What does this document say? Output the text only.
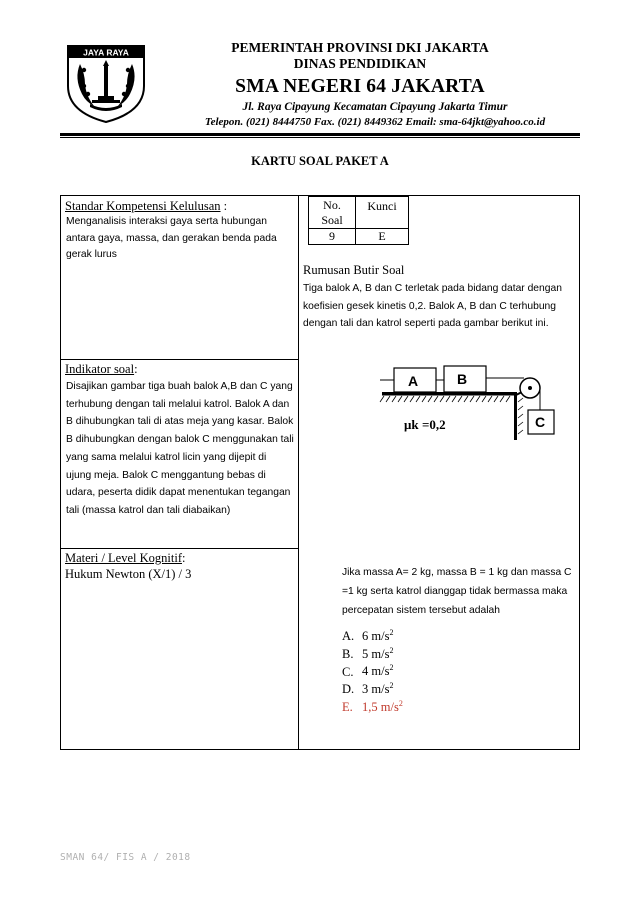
JAYA RAYA	PEMERINTAH PROVINSI DKI JAKARTA
DINAS PENDIDIKAN
SMA NEGERI 64 JAKARTA
Jl. Raya Cipayung Kecamatan Cipayung Jakarta Timur
Telepon. (021) 8444750 Fax. (021) 8449362 Email: sma-64jkt@yahoo.co.id
KARTU SOAL PAKET A
Standar Kompetensi Kelulusan :
Menganalisis interaksi gaya serta hubungan antara gaya, massa, dan gerakan benda pada gerak lurus
Indikator soal:
Disajikan gambar tiga buah balok A,B dan C yang terhubung dengan tali melalui katrol. Balok A dan B dihubungkan tali di atas meja yang kasar. Balok B dihubungkan dengan balok C menggunakan tali yang sama melalui katrol licin yang dijepit di ujung meja. Balok C menggantung bebas di udara, peserta didik dapat menentukan tegangan tali (massa katrol dan tali diabaikan)
Materi / Level Kognitif:
Hukum Newton (X/1) / 3
No.
Soal	Kunci
9	E
Rumusan Butir Soal
Tiga balok A, B dan C terletak pada bidang datar dengan koefisien gesek kinetis 0,2. Balok A, B dan C terhubung dengan tali dan katrol seperti pada gambar berikut ini.
A	B
C
μk =0,2
Jika massa A= 2 kg, massa B = 1 kg dan massa C =1 kg serta katrol dianggap tidak bermassa maka percepatan sistem tersebut adalah
A. 6 $m/s^2$
B. 5 $m/s^2$
C. 4 $m/s^2$
D. 3 $m/s^2$
E. 1,5 $m/s^2$
SMAN 64/ FIS A / 2018
